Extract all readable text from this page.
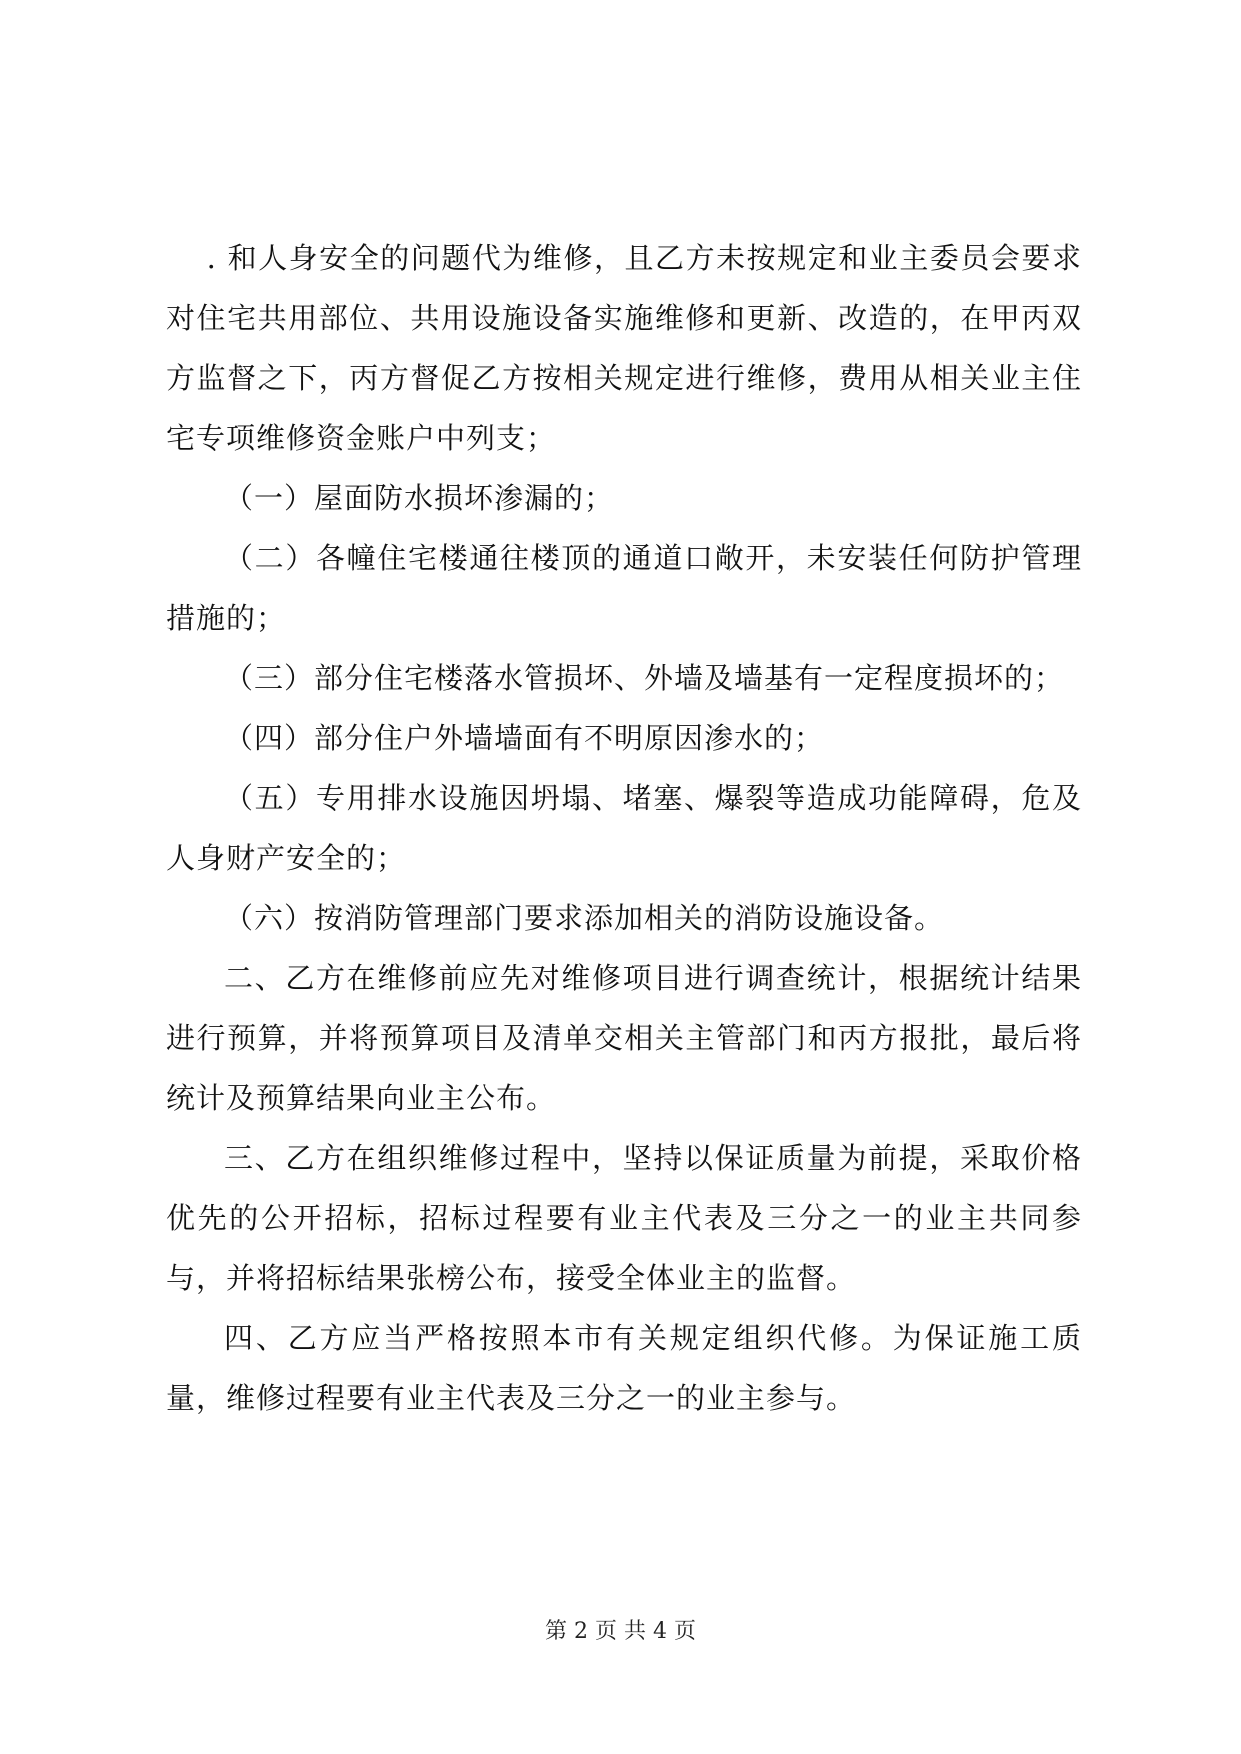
. 和人身安全的问题代为维修，且乙方未按规定和业主委员会要求对住宅共用部位、共用设施设备实施维修和更新、改造的，在甲丙双方监督之下，丙方督促乙方按相关规定进行维修，费用从相关业主住宅专项维修资金账户中列支；

（一）屋面防水损坏渗漏的；

（二）各幢住宅楼通往楼顶的通道口敞开，未安装任何防护管理措施的；

（三）部分住宅楼落水管损坏、外墙及墙基有一定程度损坏的；

（四）部分住户外墙墙面有不明原因渗水的；

（五）专用排水设施因坍塌、堵塞、爆裂等造成功能障碍，危及人身财产安全的；

（六）按消防管理部门要求添加相关的消防设施设备。

二、乙方在维修前应先对维修项目进行调查统计，根据统计结果进行预算，并将预算项目及清单交相关主管部门和丙方报批，最后将统计及预算结果向业主公布。

三、乙方在组织维修过程中，坚持以保证质量为前提，采取价格优先的公开招标，招标过程要有业主代表及三分之一的业主共同参与，并将招标结果张榜公布，接受全体业主的监督。

四、乙方应当严格按照本市有关规定组织代修。为保证施工质量，维修过程要有业主代表及三分之一的业主参与。

第 2 页 共 4 页
